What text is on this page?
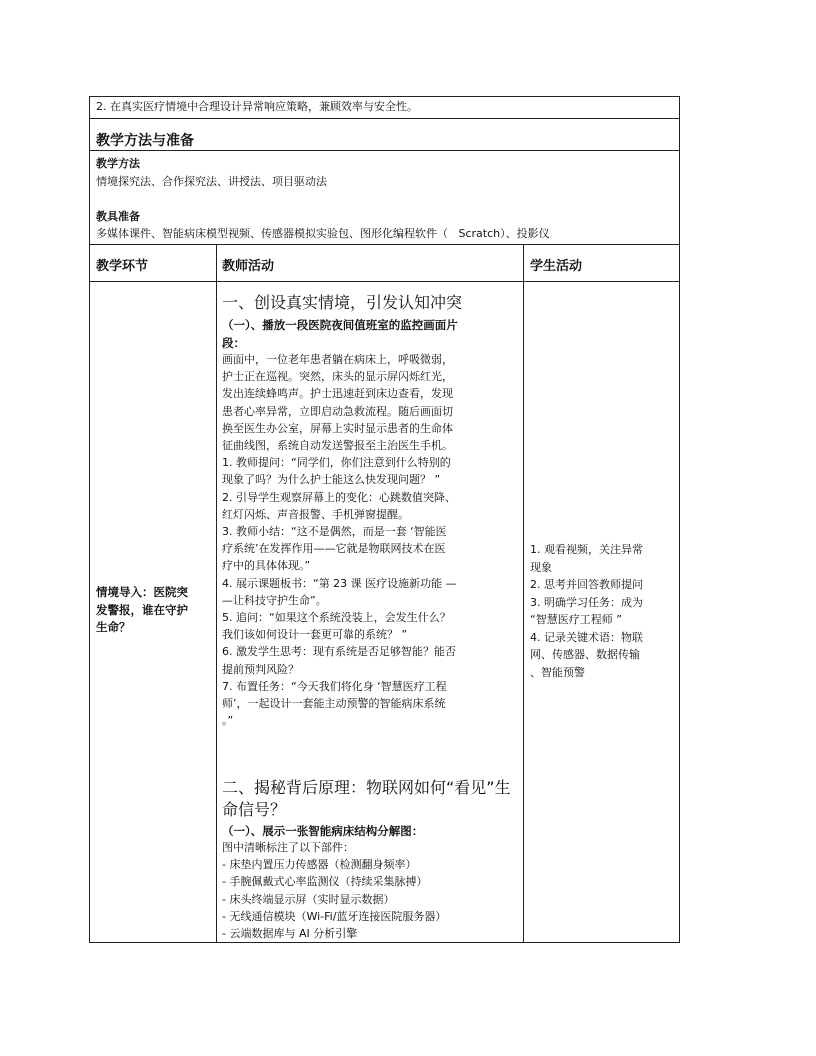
2. 在真实医疗情境中合理设计异常响应策略，兼顾效率与安全性。
教学方法与准备
教学方法
情境探究法、合作探究法、讲授法、项目驱动法
教具准备
多媒体课件、智能病床模型视频、传感器模拟实验包、图形化编程软件（   Scratch）、投影仪
教学环节	教师活动	学生活动
情境导入：医院突
发警报，谁在守护
生命？
一、创设真实情境，引发认知冲突
（一）、播放一段医院夜间值班室的监控画面片
段：
画面中，一位老年患者躺在病床上，呼吸微弱，
护士正在巡视。突然，床头的显示屏闪烁红光，
发出连续蜂鸣声。护士迅速赶到床边查看，发现
患者心率异常，立即启动急救流程。随后画面切
换至医生办公室，屏幕上实时显示患者的生命体
征曲线图，系统自动发送警报至主治医生手机。
1. 教师提问：“同学们，你们注意到什么特别的
现象了吗？为什么护士能这么快发现问题？ ”
2. 引导学生观察屏幕上的变化：心跳数值突降、
红灯闪烁、声音报警、手机弹窗提醒。
3. 教师小结：“这不是偶然，而是一套 ‘智能医
疗系统’在发挥作用——它就是物联网技术在医
疗中的具体体现。”
4. 展示课题板书：“第 23 课 医疗设施新功能 —
—让科技守护生命”。
5. 追问：“如果这个系统没装上，会发生什么？
我们该如何设计一套更可靠的系统？ ”
6. 激发学生思考：现有系统是否足够智能？能否
提前预判风险？
7. 布置任务：“今天我们将化身 ‘智慧医疗工程
师’，一起设计一套能主动预警的智能病床系统
。”
二、揭秘背后原理：物联网如何“看见”生
命信号？
（一）、展示一张智能病床结构分解图：
图中清晰标注了以下部件：
- 床垫内置压力传感器（检测翻身频率）
- 手腕佩戴式心率监测仪（持续采集脉搏）
- 床头终端显示屏（实时显示数据）
- 无线通信模块（Wi-Fi/蓝牙连接医院服务器）
- 云端数据库与 AI 分析引擎
1. 观看视频，关注异常
现象
2. 思考并回答教师提问
3. 明确学习任务：成为
“智慧医疗工程师 ”
4. 记录关键术语：物联
网、传感器、数据传输
、智能预警
